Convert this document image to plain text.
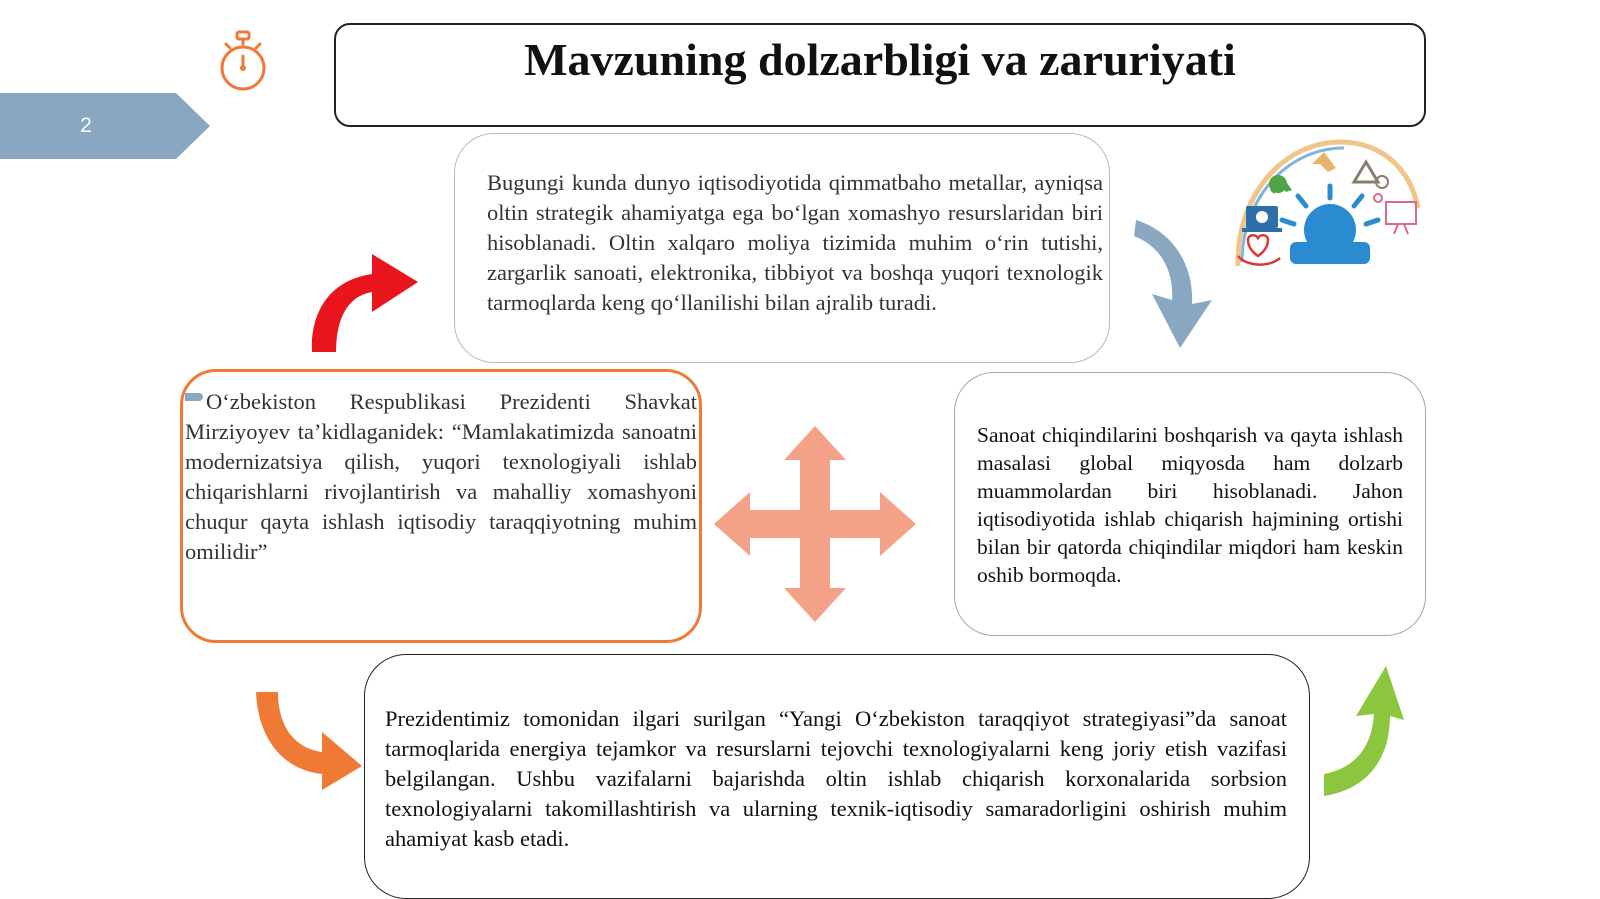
2
Mavzuning dolzarbligi va zaruriyati

Bugungi kunda dunyo iqtisodiyotida qimmatbaho metallar, ayniqsa oltin strategik ahamiyatga ega bo‘lgan xomashyo resurslaridan biri hisoblanadi. Oltin xalqaro moliya tizimida muhim o‘rin tutishi, zargarlik sanoati, elektronika, tibbiyot va boshqa yuqori texnologik tarmoqlarda keng qo‘llanilishi bilan ajralib turadi.

O‘zbekiston Respublikasi Prezidenti Shavkat Mirziyoyev ta’kidlaganidek: “Mamlakatimizda sanoatni modernizatsiya qilish, yuqori texnologiyali ishlab chiqarishlarni rivojlantirish va mahalliy xomashyoni chuqur qayta ishlash iqtisodiy taraqqiyotning muhim omilidir”

Sanoat chiqindilarini boshqarish va qayta ishlash masalasi global miqyosda ham dolzarb muammolardan biri hisoblanadi. Jahon iqtisodiyotida ishlab chiqarish hajmining ortishi bilan bir qatorda chiqindilar miqdori ham keskin oshib bormoqda.

Prezidentimiz tomonidan ilgari surilgan “Yangi O‘zbekiston taraqqiyot strategiyasi”da sanoat tarmoqlarida energiya tejamkor va resurslarni tejovchi texnologiyalarni keng joriy etish vazifasi belgilangan. Ushbu vazifalarni bajarishda oltin ishlab chiqarish korxonalarida sorbsion texnologiyalarni takomillashtirish va ularning texnik-iqtisodiy samaradorligini oshirish muhim ahamiyat kasb etadi.
